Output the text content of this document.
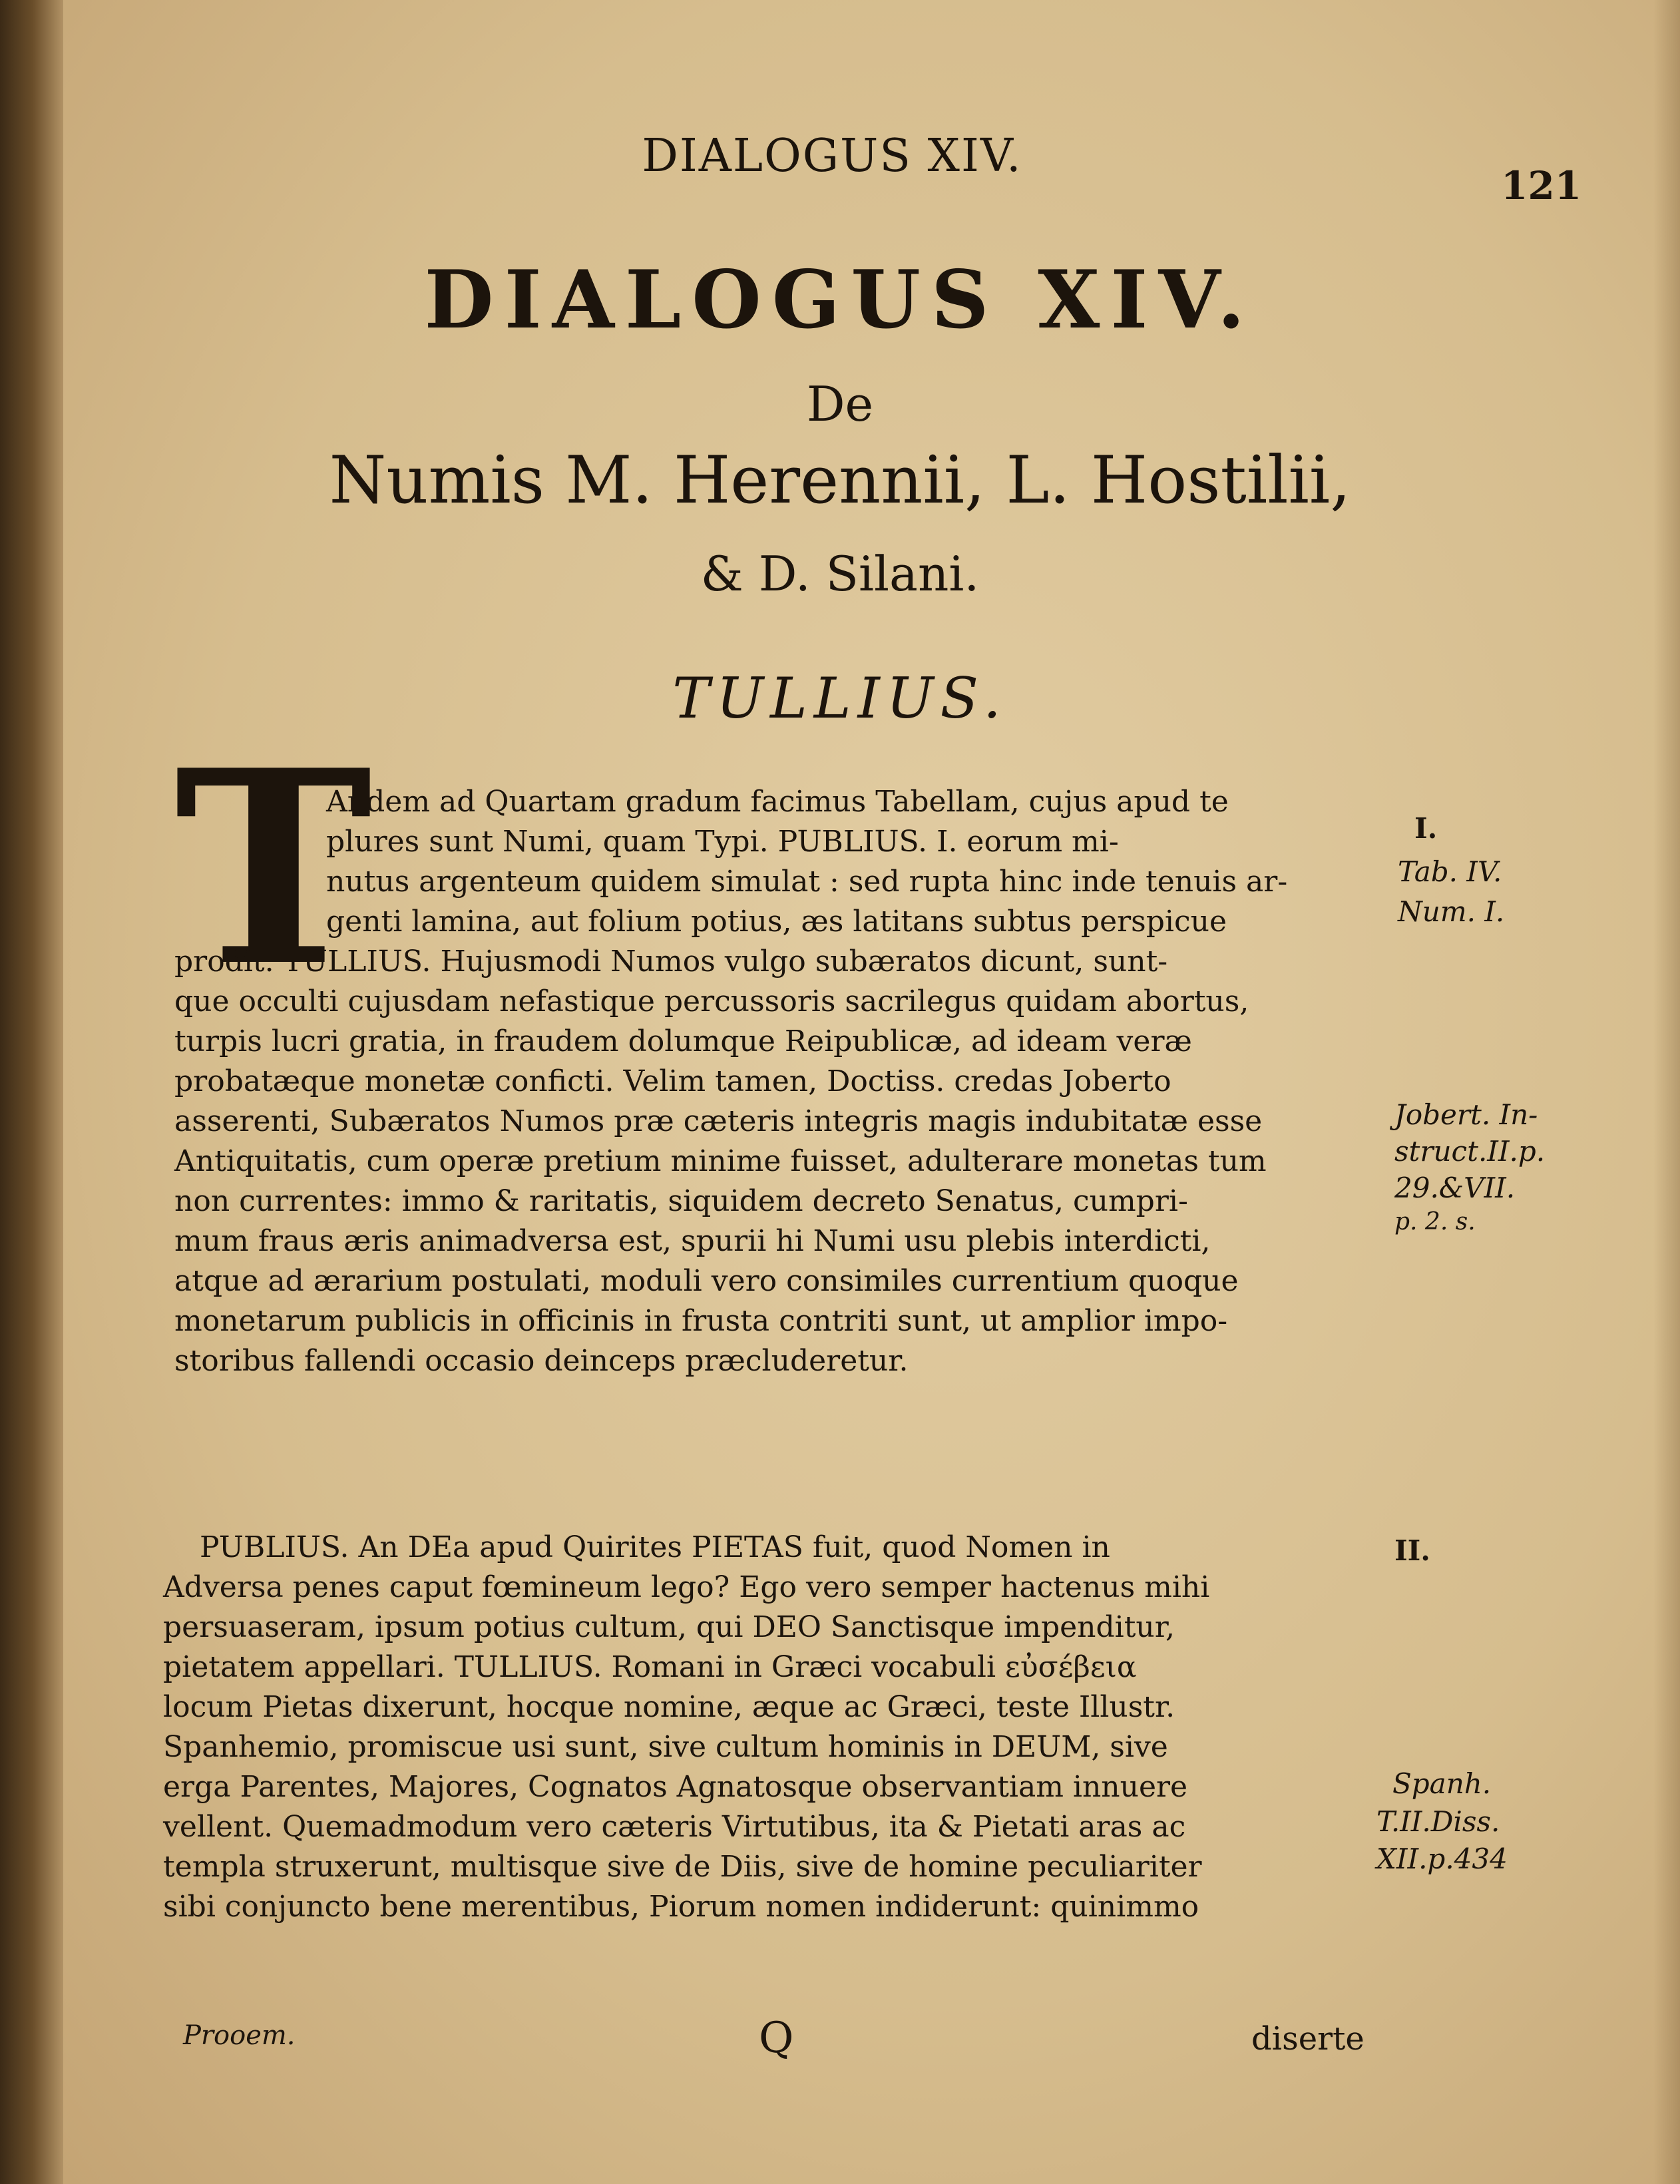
DIALOGUS XIV.
121
DIALOGUS XIV.
De
Numis M. Herennii, L. Hostilii,
& D. Silani.
TULLIUS.
T
Andem ad Quartam gradum facimus Tabellam, cujus apud te
plures sunt Numi, quam Typi. PUBLIUS. I. eorum mi-
nutus argenteum quidem simulat : sed rupta hinc inde tenuis ar-
genti lamina, aut folium potius, æs latitans subtus perspicue
prodit. TULLIUS. Hujusmodi Numos vulgo subæratos dicunt, sunt-
que occulti cujusdam nefastique percussoris sacrilegus quidam abortus,
turpis lucri gratia, in fraudem dolumque Reipublicæ, ad ideam veræ
probatæque monetæ conficti. Velim tamen, Doctiss. credas Joberto
asserenti, Subæratos Numos præ cæteris integris magis indubitatæ esse
Antiquitatis, cum operæ pretium minime fuisset, adulterare monetas tum
non currentes: immo & raritatis, siquidem decreto Senatus, cumpri-
mum fraus æris animadversa est, spurii hi Numi usu plebis interdicti,
atque ad ærarium postulati, moduli vero consimiles currentium quoque
monetarum publicis in officinis in frusta contriti sunt, ut amplior impo-
storibus fallendi occasio deinceps præcluderetur.
PUBLIUS. An DEa apud Quirites PIETAS fuit, quod Nomen in
Adversa penes caput fœmineum lego? Ego vero semper hactenus mihi
persuaseram, ipsum potius cultum, qui DEO Sanctisque impenditur,
pietatem appellari. TULLIUS. Romani in Græci vocabuli εὐσέβεια
locum Pietas dixerunt, hocque nomine, æque ac Græci, teste Illustr.
Spanhemio, promiscue usi sunt, sive cultum hominis in DEUM, sive
erga Parentes, Majores, Cognatos Agnatosque observantiam innuere
vellent. Quemadmodum vero cæteris Virtutibus, ita & Pietati aras ac
templa struxerunt, multisque sive de Diis, sive de homine peculiariter
sibi conjuncto bene merentibus, Piorum nomen indiderunt: quinimmo
I.
Tab. IV.
Num. I.
Jobert. In-
struct.II.p.
29.&VII.
p. 2. s.
II.
Spanh.
T.II.Diss.
XII.p.434
Prooem.	Q	diserte
